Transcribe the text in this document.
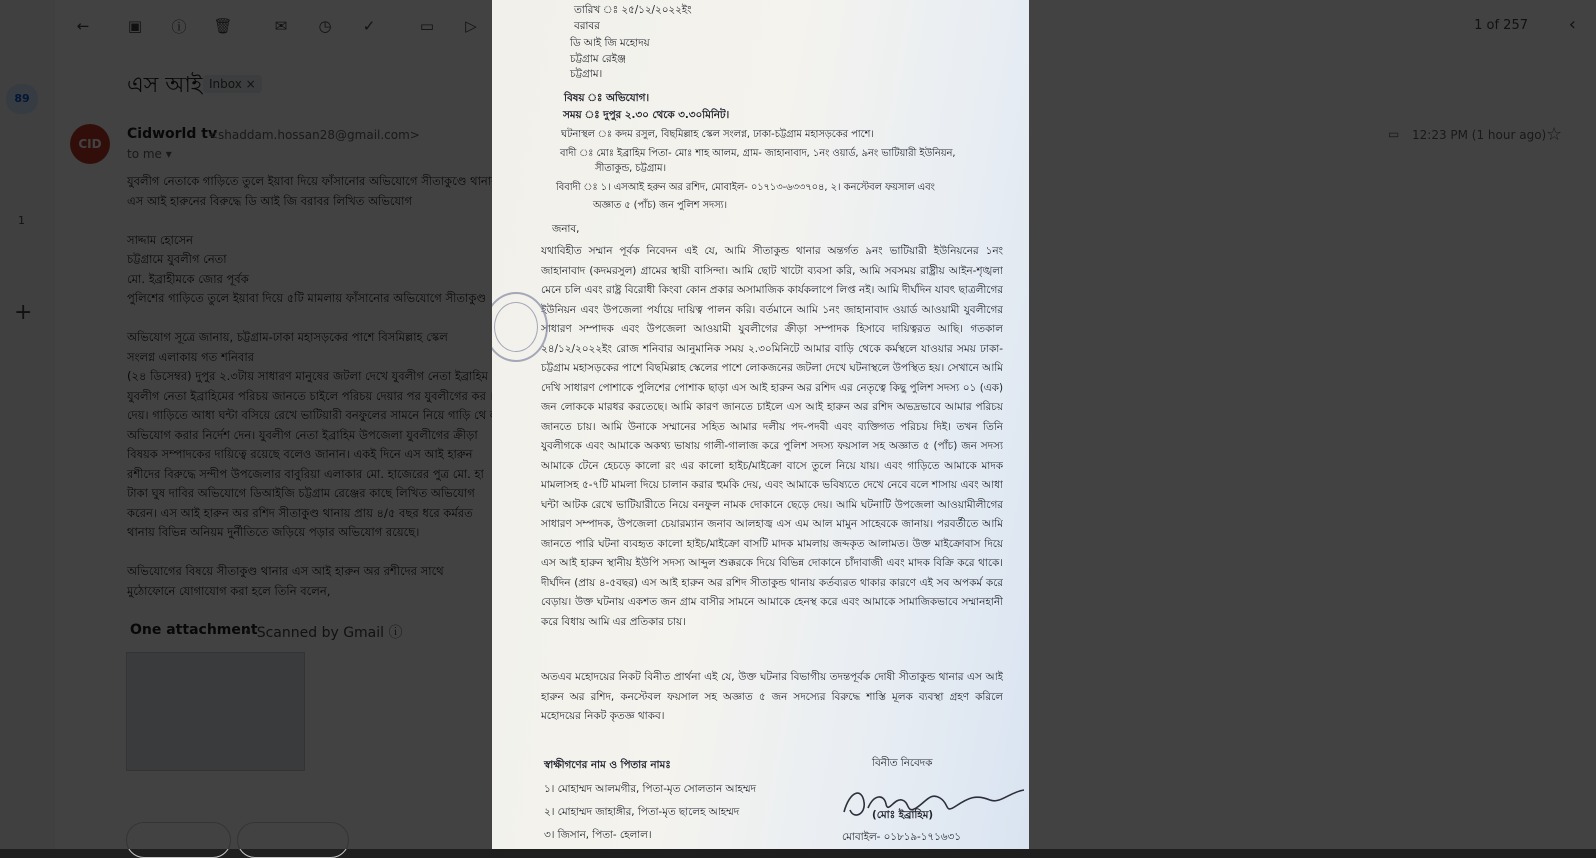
তারিখ ঃ ২৫/১২/২০২২ইং
বরাবর
ডি আই জি মহোদয়
চট্টগ্রাম রেইঞ্জ
চট্টগ্রাম।
বিষয় ঃ অভিযোগ।
সময় ঃ দুপুর ২.৩০ থেকে ৩.৩০মিনিট।
ঘটনাস্থল ঃ কদম রসুল, বিছমিল্লাহ স্কেল সংলগ্ন, ঢাকা-চট্টগ্রাম মহাসড়কের পাশে।
বাদী ঃ মোঃ ইব্রাহিম পিতা- মোঃ শাহ আলম, গ্রাম- জাহানাবাদ, ১নং ওয়ার্ড, ৯নং ভাটিয়ারী ইউনিয়ন,
সীতাকুন্ড, চট্টগ্রাম।
বিবাদী ঃ ১। এসআই হরুন অর রশিদ, মোবাইল- ০১৭১৩-৬৩৩৭০৪, ২। কনস্টেবল ফয়সাল এবং
অজ্ঞাত ৫ (পাঁচ) জন পুলিশ সদস্য।
জনাব,
যথাবিহীত সম্মান পূর্বক নিবেদন এই যে, আমি সীতাকুন্ড থানার অন্তর্গত ৯নং ভাটিয়ারী ইউনিয়নের ১নং জাহানাবাদ (কদমরসুল) গ্রামের স্থায়ী বাসিন্দা। আমি ছোট খাটো ব্যবসা করি, আমি সবসময় রাষ্ট্রীয় আইন-শৃঙ্খলা মেনে চলি এবং রাষ্ট্র বিরোধী কিংবা কোন প্রকার অসামাজিক কার্যকলাপে লিপ্ত নই। আমি দীর্ঘদিন যাবৎ ছাত্রলীগের ইউনিয়ন এবং উপজেলা পর্যায়ে দায়িত্ব পালন করি। বর্তমানে আমি ১নং জাহানাবাদ ওয়ার্ড আওয়ামী যুবলীগের সাধারণ সম্পাদক এবং উপজেলা আওয়ামী যুবলীগের ক্রীড়া সম্পাদক হিসাবে দায়িত্বরত আছি। গতকাল ২৪/১২/২০২২ইং রোজ শনিবার আনুমানিক সময় ২.৩০মিনিটে আমার বাড়ি থেকে কর্মস্থলে যাওয়ার সময় ঢাকা-চট্টগ্রাম মহাসড়কের পাশে বিছমিল্লাহ স্কেলের পাশে লোকজনের জটলা দেখে ঘটনাস্থলে উপস্থিত হয়। সেখানে আমি দেখি সাধারণ পোশাকে পুলিশের পোশাক ছাড়া এস আই হারুন অর রশিদ এর নেতৃত্বে কিছু পুলিশ সদস্য ০১ (এক) জন লোককে মারধর করতেছে। আমি কারণ জানতে চাইলে এস আই হারুন অর রশিদ অভদ্রভাবে আমার পরিচয় জানতে চায়। আমি উনাকে সম্মানের সহিত আমার দলীয় পদ-পদবী এবং ব্যক্তিগত পরিচয় দিই। তখন তিনি যুবলীগকে এবং আমাকে অকথ্য ভাষায় গালী-গালাজ করে পুলিশ সদস্য ফয়সাল সহ অজ্ঞাত ৫ (পাঁচ) জন সদস্য আমাকে টেনে হেচড়ে কালো রং এর কালো হাইচ/মাইক্রো বাসে তুলে নিয়ে যায়। এবং গাড়িতে আমাকে মাদক মামলাসহ ৫-৭টি মামলা দিয়ে চালান করার হুমকি দেয়, এবং আমাকে ভবিষ্যতে দেখে নেবে বলে শাসায় এবং আধা ঘন্টা আটক রেখে ভাটিয়ারীতে নিয়ে বনফুল নামক দোকানে ছেড়ে দেয়। আমি ঘটনাটি উপজেলা আওয়ামীলীগের সাধারণ সম্পাদক, উপজেলা চেয়ারম্যান জনাব আলহাজ্ব এস এম আল মামুন সাহেবকে জানায়। পরবর্তীতে আমি জানতে পারি ঘটনা ব্যবহৃত কালো হাইচ/মাইক্রো বাসটি মাদক মামলায় জব্দকৃত আলামত। উক্ত মাইক্রোবাস দিয়ে এস আই হারুন স্থানীয় ইউপি সদস্য আব্দুল শুক্করকে দিয়ে বিভিন্ন দোকানে চাঁদাবাজী এবং মাদক বিক্রি করে থাকে। দীর্ঘদিন (প্রায় ৪-৫বছর) এস আই হারুন অর রশিদ সীতাকুন্ড থানায় কর্তব্যরত থাকার কারণে এই সব অপকর্ম করে বেড়ায়। উক্ত ঘটনায় একশত জন গ্রাম বাসীর সামনে আমাকে হেনস্থ করে এবং আমাকে সামাজিকভাবে সম্মানহানী করে বিধায় আমি এর প্রতিকার চায়।
অতএব মহোদয়ের নিকট বিনীত প্রার্থনা এই যে, উক্ত ঘটনার বিভাগীয় তদন্তপূর্বক দোষী সীতাকুন্ড থানার এস আই হারুন অর রশিদ, কনস্টেবল ফয়সাল সহ অজ্ঞাত ৫ জন সদস্যের বিরুদ্ধে শাস্তি মূলক ব্যবস্থা গ্রহণ করিলে মহোদয়ের নিকট কৃতজ্ঞ থাকব।
স্বাক্ষীগণের নাম ও পিতার নামঃ
১। মোহাম্মদ আলমগীর, পিতা-মৃত সোলতান আহম্মদ
২। মোহাম্মদ জাহাঙ্গীর, পিতা-মৃত ছালেহ আহম্মদ
৩। জিসান, পিতা- হেলাল।
বিনীত নিবেদক
(মোঃ ইব্রাহিম)
মোবাইল- ০১৮১৯-১৭১৬৩১
